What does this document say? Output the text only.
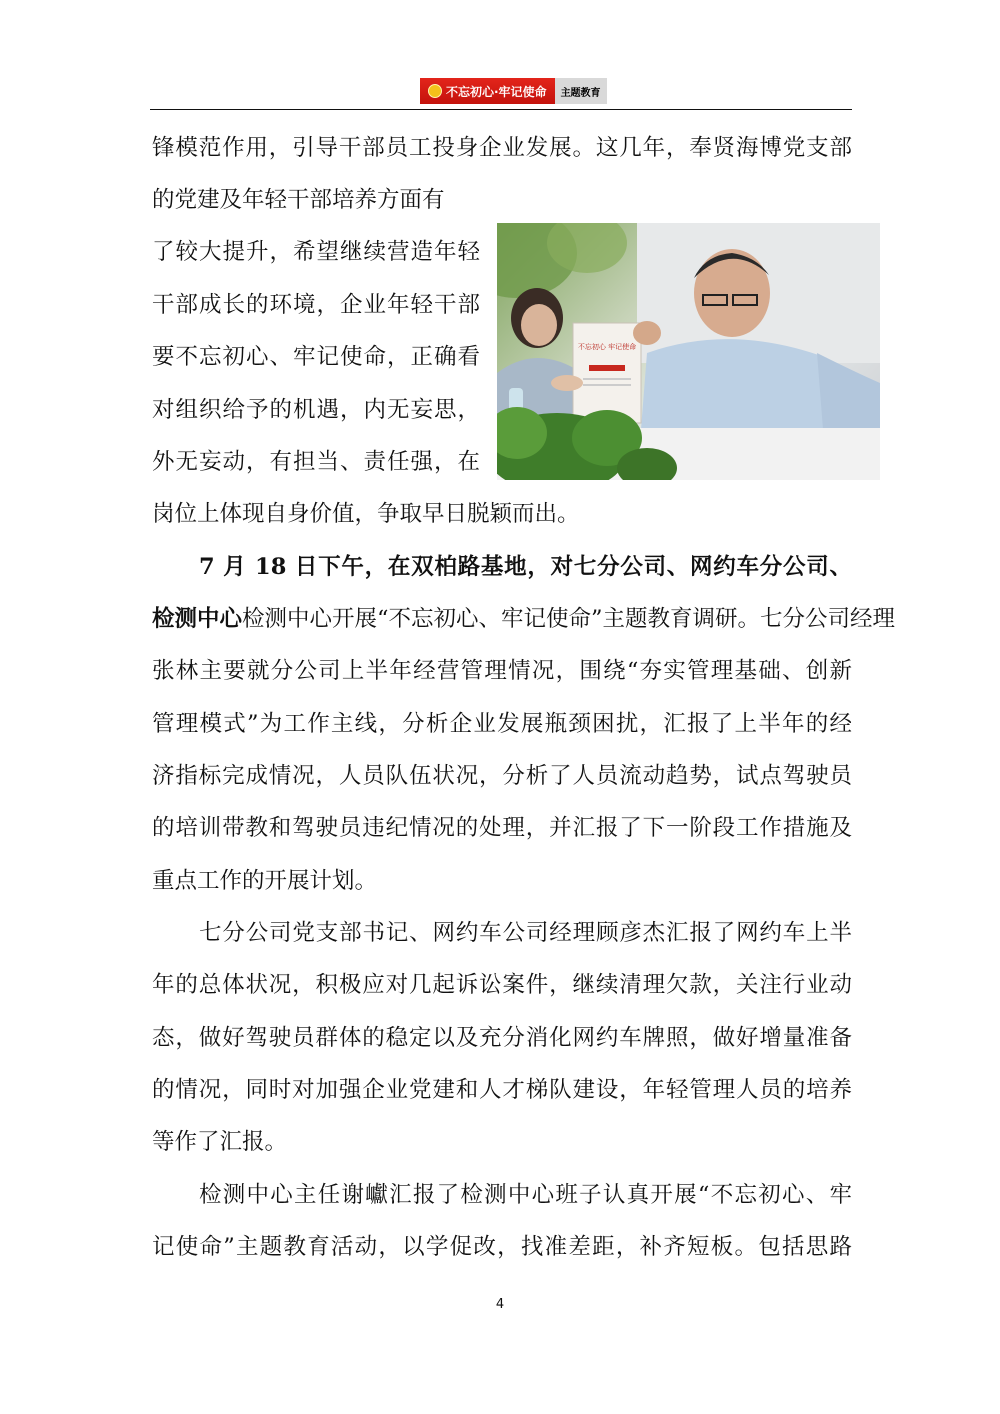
不忘初心·牢记使命	主题教育
锋模范作用，引导干部员工投身企业发展。这几年，奉贤海博党支部
的党建及年轻干部培养方面有
了较大提升，希望继续营造年轻
干部成长的环境，企业年轻干部
要不忘初心、牢记使命，正确看
对组织给予的机遇，内无妄思，
外无妄动，有担当、责任强，在
岗位上体现自身价值，争取早日脱颖而出。
7 月 18 日下午，在双柏路基地，对七分公司、网约车分公司、
检测中心检测中心开展“不忘初心、牢记使命”主题教育调研。七分公司经理
张林主要就分公司上半年经营管理情况，围绕“夯实管理基础、创新
管理模式”为工作主线，分析企业发展瓶颈困扰，汇报了上半年的经
济指标完成情况，人员队伍状况，分析了人员流动趋势，试点驾驶员
的培训带教和驾驶员违纪情况的处理，并汇报了下一阶段工作措施及
重点工作的开展计划。
七分公司党支部书记、网约车公司经理顾彦杰汇报了网约车上半
年的总体状况，积极应对几起诉讼案件，继续清理欠款，关注行业动
态，做好驾驶员群体的稳定以及充分消化网约车牌照，做好增量准备
的情况，同时对加强企业党建和人才梯队建设，年轻管理人员的培养
等作了汇报。
检测中心主任谢巘汇报了检测中心班子认真开展“不忘初心、牢
记使命”主题教育活动，以学促改，找准差距，补齐短板。包括思路
不忘初心 牢记使命
4
